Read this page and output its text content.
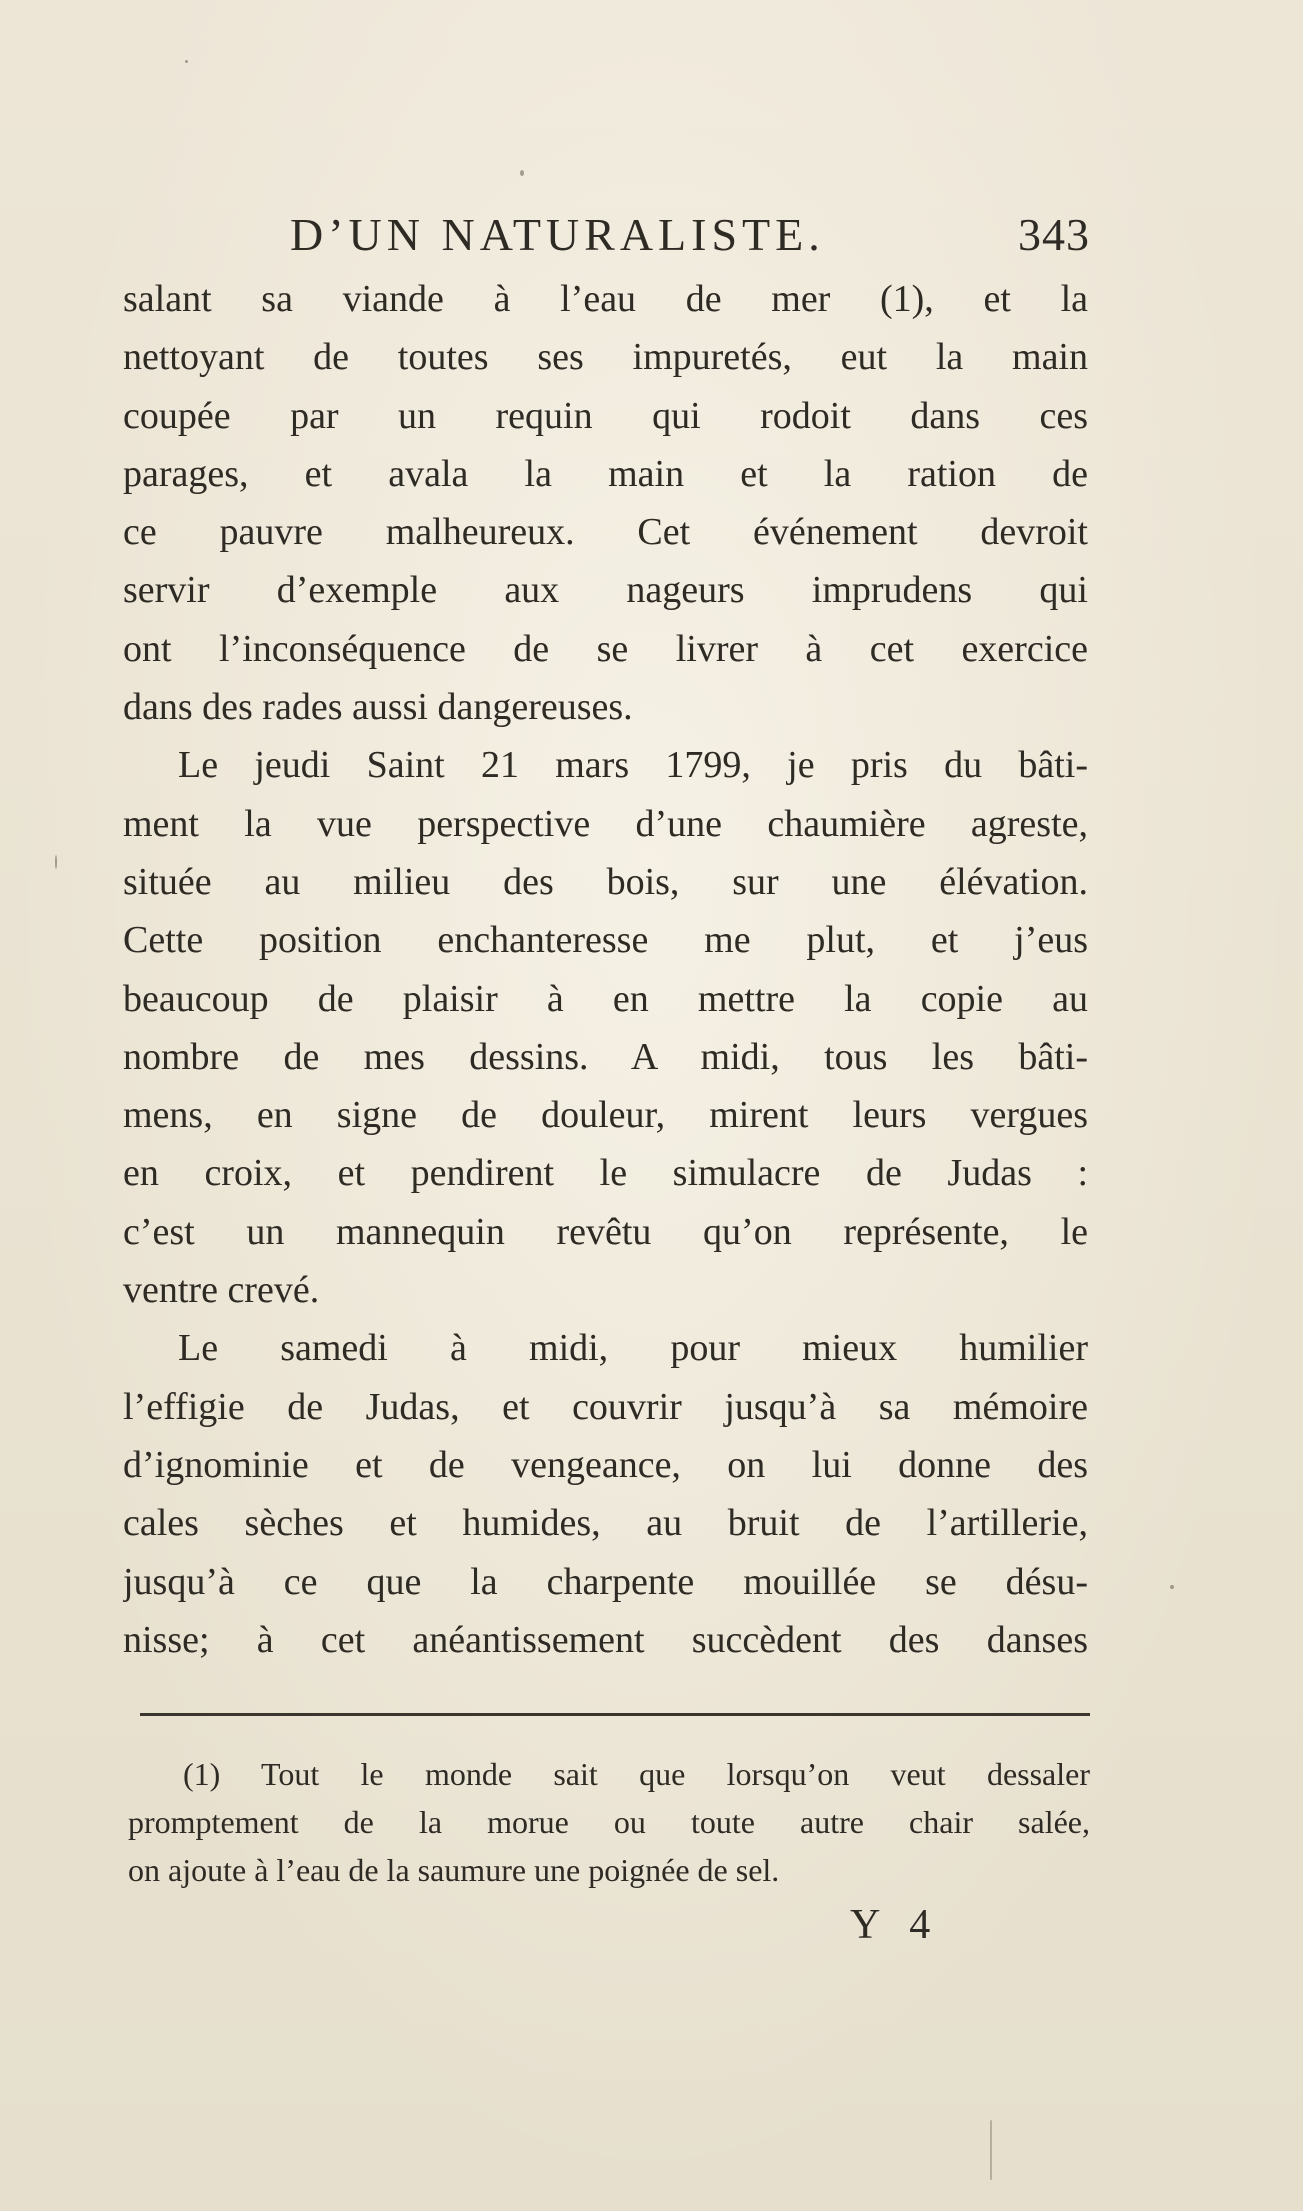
D’UN NATURALISTE.	343
salant sa viande à l’eau de mer (1), et la
nettoyant de toutes ses impuretés, eut la main
coupée par un requin qui rodoit dans ces
parages, et avala la main et la ration de
ce pauvre malheureux. Cet événement devroit
servir d’exemple aux nageurs imprudens qui
ont l’inconséquence de se livrer à cet exercice
dans des rades aussi dangereuses.
Le jeudi Saint 21 mars 1799, je pris du bâti-
ment la vue perspective d’une chaumière agreste,
située au milieu des bois, sur une élévation.
Cette position enchanteresse me plut, et j’eus
beaucoup de plaisir à en mettre la copie au
nombre de mes dessins. A midi, tous les bâti-
mens, en signe de douleur, mirent leurs vergues
en croix, et pendirent le simulacre de Judas :
c’est un mannequin revêtu qu’on représente, le
ventre crevé.
Le samedi à midi, pour mieux humilier
l’effigie de Judas, et couvrir jusqu’à sa mémoire
d’ignominie et de vengeance, on lui donne des
cales sèches et humides, au bruit de l’artillerie,
jusqu’à ce que la charpente mouillée se désu-
nisse; à cet anéantissement succèdent des danses
(1) Tout le monde sait que lorsqu’on veut dessaler
promptement de la morue ou toute autre chair salée,
on ajoute à l’eau de la saumure une poignée de sel.
Y 4
